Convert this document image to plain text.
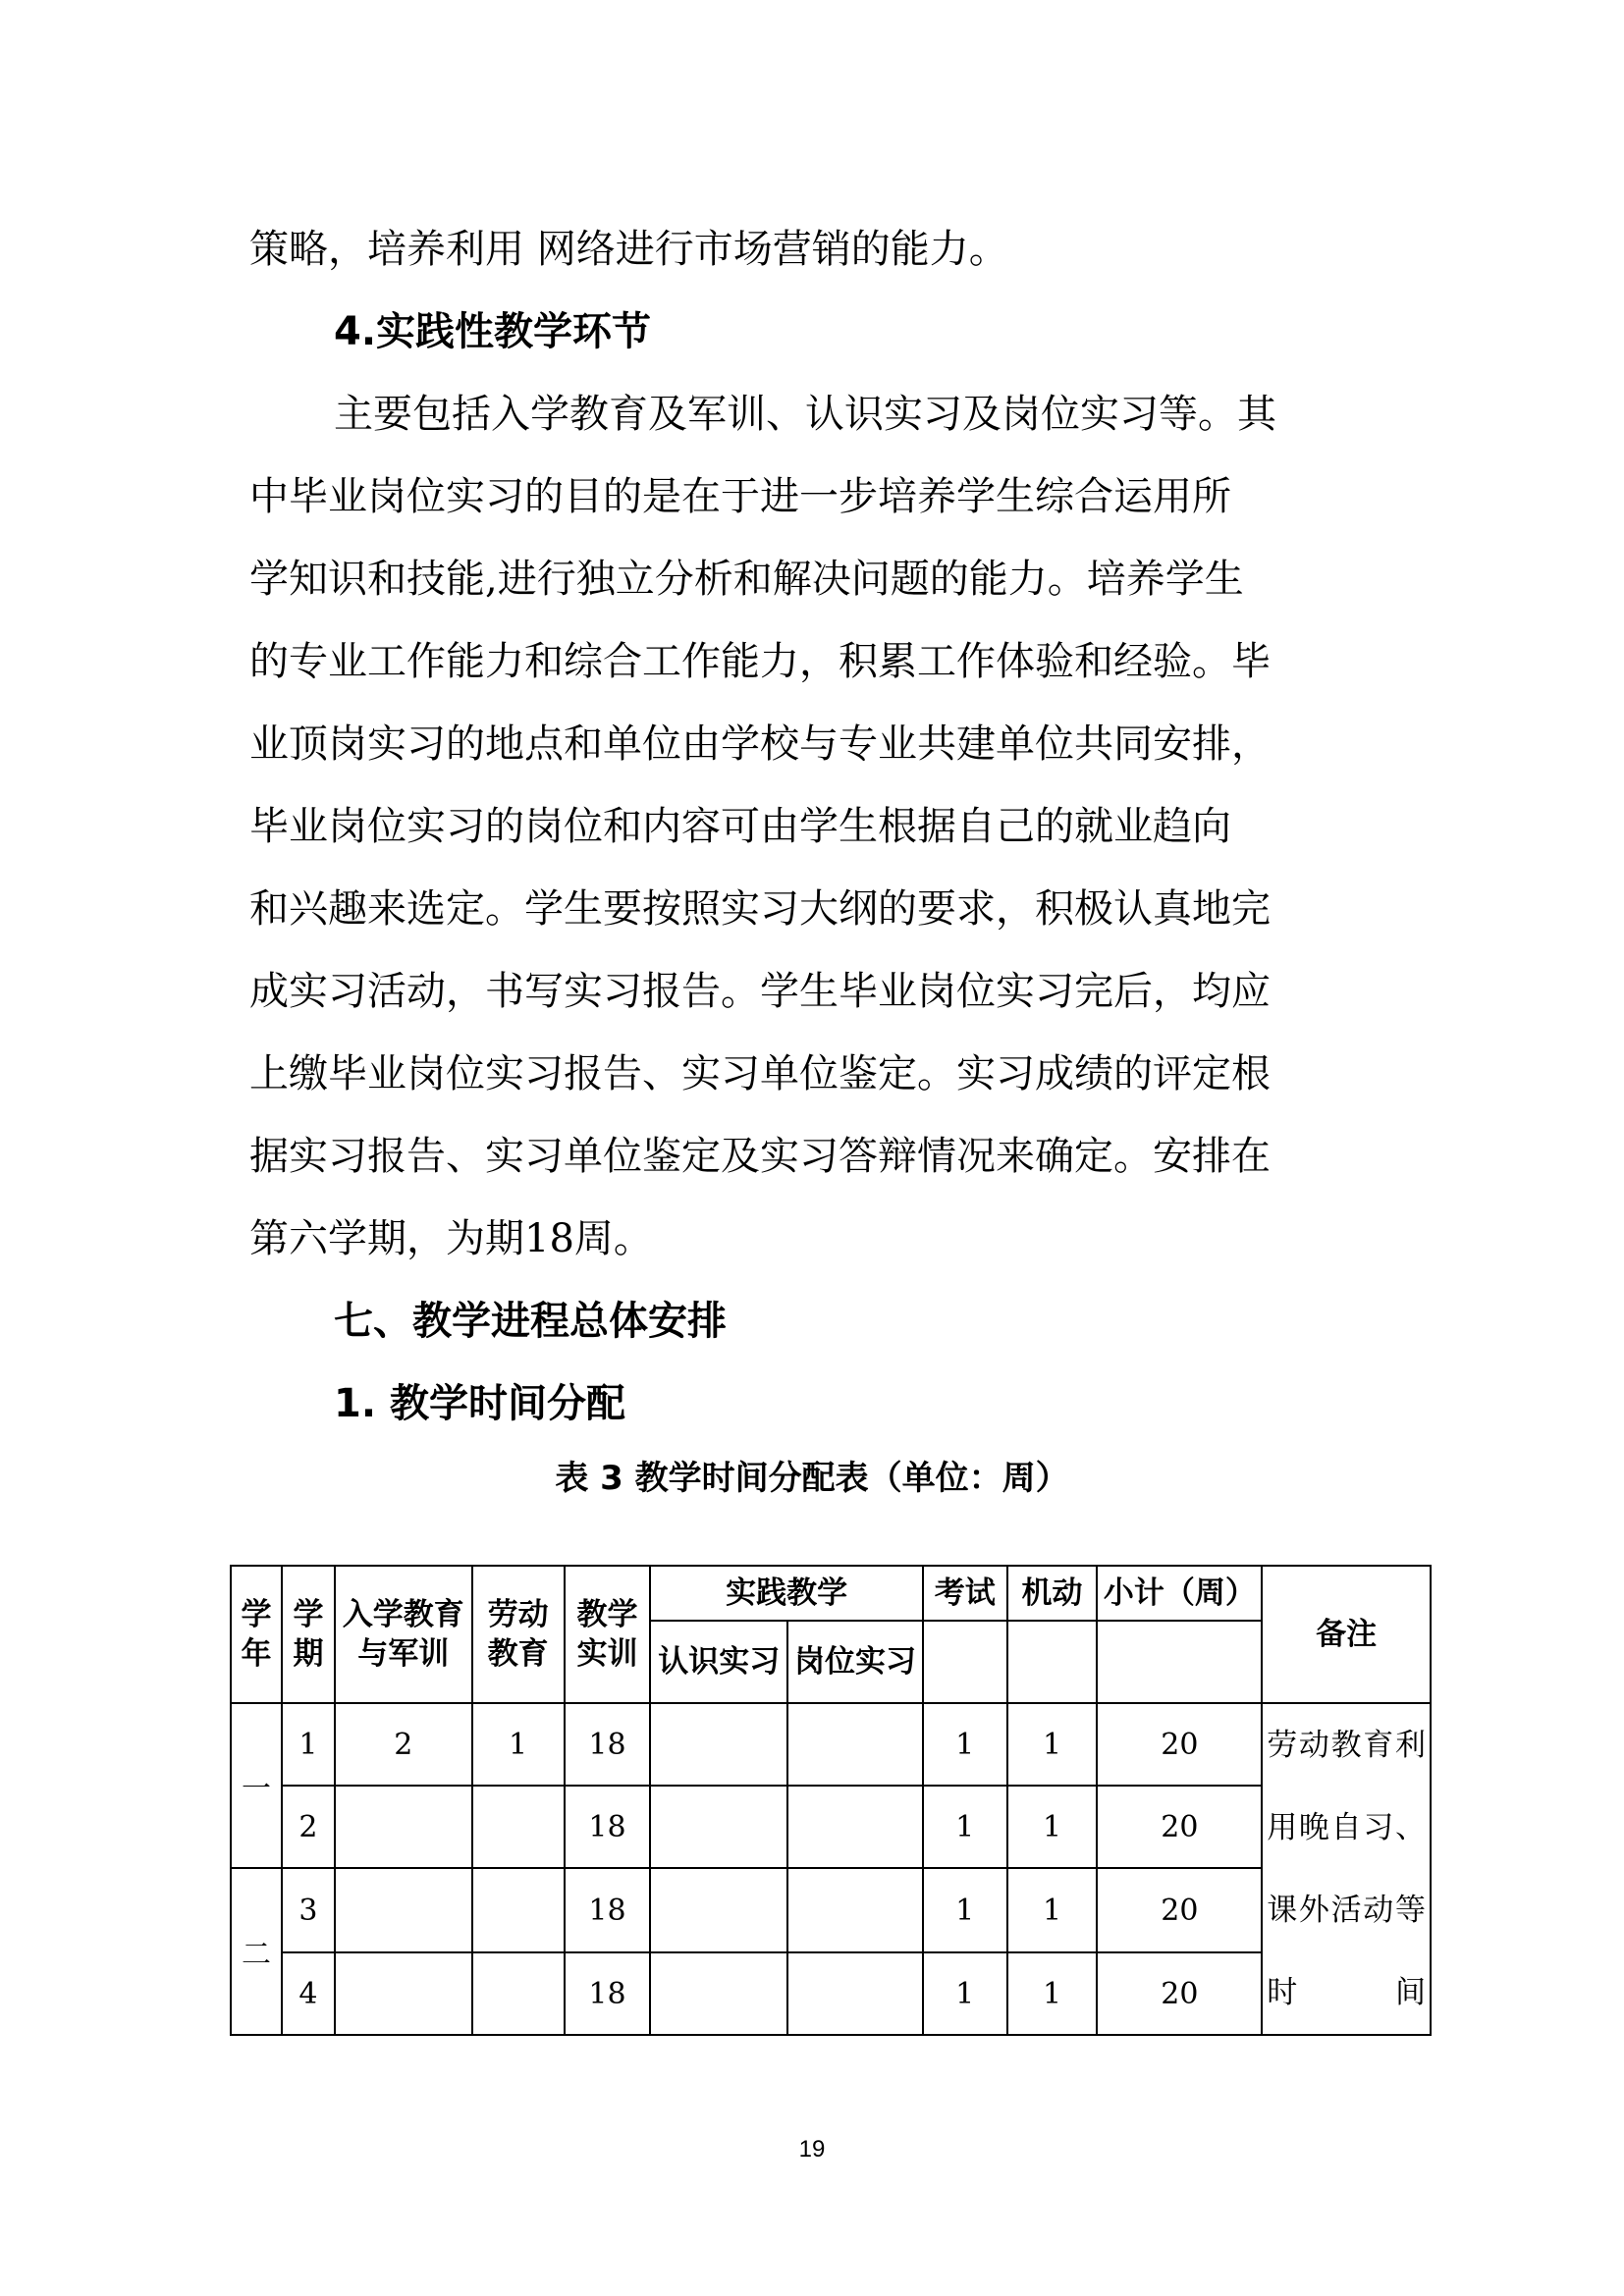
策略，培养利用 网络进行市场营销的能力。
4.实践性教学环节
主要包括入学教育及军训、认识实习及岗位实习等。其
中毕业岗位实习的目的是在于进一步培养学生综合运用所
学知识和技能,进行独立分析和解决问题的能力。培养学生
的专业工作能力和综合工作能力，积累工作体验和经验。毕
业顶岗实习的地点和单位由学校与专业共建单位共同安排，
毕业岗位实习的岗位和内容可由学生根据自己的就业趋向
和兴趣来选定。学生要按照实习大纲的要求，积极认真地完
成实习活动，书写实习报告。学生毕业岗位实习完后，均应
上缴毕业岗位实习报告、实习单位鉴定。实习成绩的评定根
据实习报告、实习单位鉴定及实习答辩情况来确定。安排在
第六学期，为期18周。
七、教学进程总体安排
1. 教学时间分配
表 3 教学时间分配表（单位：周）
学年	学期	入学教育与军训	劳动教育	教学实训	实践教学		考试	机动	小计（周）	备注
					认识实习	岗位实习				
一	1	2	1	18			1	1	20	劳动教育利用晚自习、课外活动等时间
	2			18			1	1	20	
二	3			18			1	1	20	
	4			18			1	1	20	
19
